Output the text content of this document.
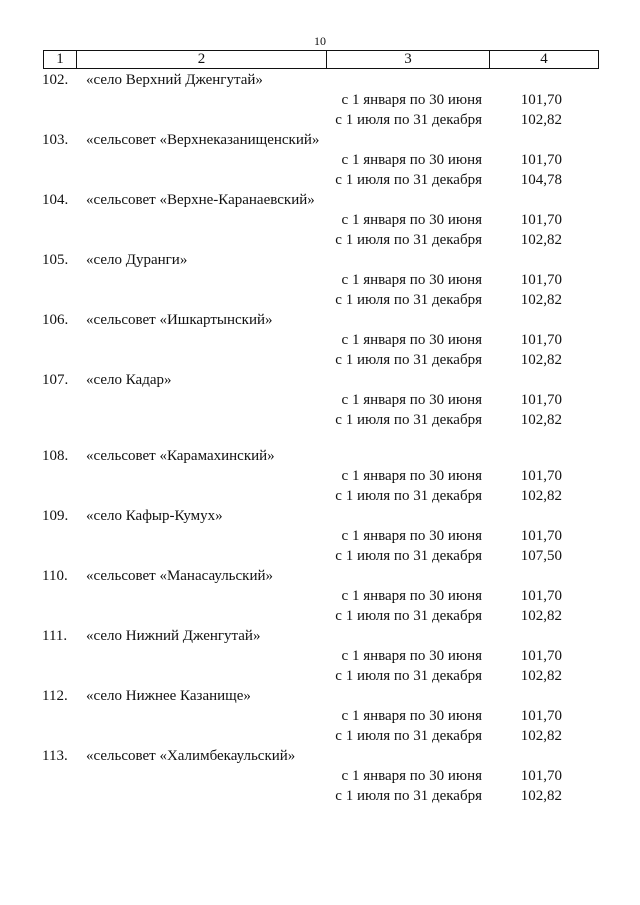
10
1	2	3	4
102.	«село Верхний Дженгутай»
с 1 января по 30 июня	101,70
с 1 июля по 31 декабря	102,82
103.	«сельсовет «Верхнеказанищенский»
с 1 января по 30 июня	101,70
с 1 июля по 31 декабря	104,78
104.	«сельсовет «Верхне-Каранаевский»
с 1 января по 30 июня	101,70
с 1 июля по 31 декабря	102,82
105.	«село Дуранги»
с 1 января по 30 июня	101,70
с 1 июля по 31 декабря	102,82
106.	«сельсовет «Ишкартынский»
с 1 января по 30 июня	101,70
с 1 июля по 31 декабря	102,82
107.	«село Кадар»
с 1 января по 30 июня	101,70
с 1 июля по 31 декабря	102,82
108.	«сельсовет «Карамахинский»
с 1 января по 30 июня	101,70
с 1 июля по 31 декабря	102,82
109.	«село Кафыр-Кумух»
с 1 января по 30 июня	101,70
с 1 июля по 31 декабря	107,50
110.	«сельсовет «Манасаульский»
с 1 января по 30 июня	101,70
с 1 июля по 31 декабря	102,82
111.	«село Нижний Дженгутай»
с 1 января по 30 июня	101,70
с 1 июля по 31 декабря	102,82
112.	«село Нижнее Казанище»
с 1 января по 30 июня	101,70
с 1 июля по 31 декабря	102,82
113.	«сельсовет «Халимбекаульский»
с 1 января по 30 июня	101,70
с 1 июля по 31 декабря	102,82
